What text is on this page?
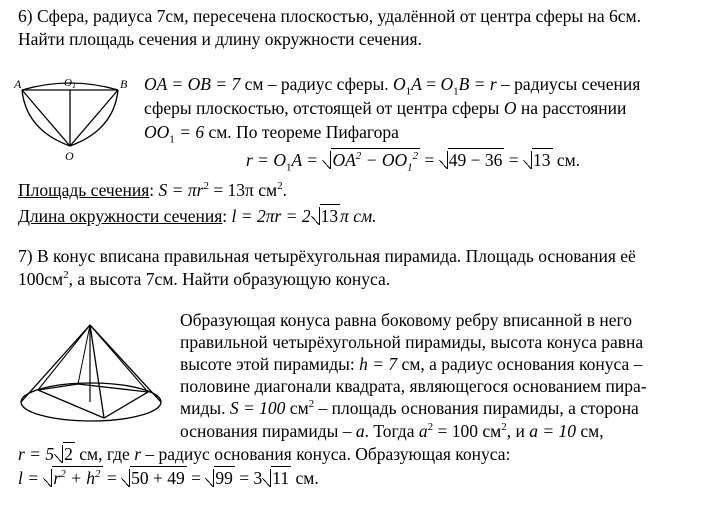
6) Сфера, радиуса 7см, пересечена плоскостью, удалённой от центра сферы на 6см.
Найти площадь сечения и длину окружности сечения.
A	O1	B
O
OA = OB = 7 см – радиус сферы. $O_1A = O_1B = r$ – радиусы сечения
сферы плоскостью, отстоящей от центра сферы O на расстоянии
$OO_1 = 6$ см. По теореме Пифагора
$r = O_1A = OA^2 - OO_1^2 = 49 - 36 = 13$ см.
Площадь сечения: $S = \pi r^2 = 13\pi$ $см^2$.
Длина окружности сечения: l = 2πr = 2 13 π см.
7) В конус вписана правильная четырёхугольная пирамида. Площадь основания её
$100см^2$, а высота 7см. Найти образующую конуса.
Образующая конуса равна боковому ребру вписанной в него
правильной четырёхугольной пирамиды, высота конуса равна
высоте этой пирамиды: h = 7 см, а радиус основания конуса –
половине диагонали квадрата, являющегося основанием пира-
миды. S = 100 $см^2$ – площадь основания пирамиды, а сторона
основания пирамиды – a. Тогда $a^2 = 100$ $см^2$, и a = 10 см,
r = 5 2 см, где r – радиус основания конуса. Образующая конуса:
$l = r^2 + h^2 = 50 + 49 = 99 = 3$ 11 см.
